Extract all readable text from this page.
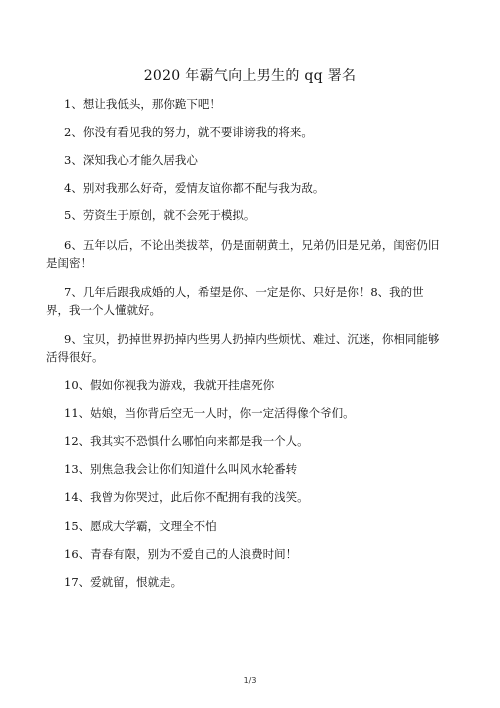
2020 年霸气向上男生的 qq 署名
1、想让我低头，那你跪下吧！
2、你没有看见我的努力，就不要诽谤我的将来。
3、深知我心才能久居我心
4、别对我那么好奇，爱情友谊你都不配与我为敌。
5、劳资生于原创，就不会死于模拟。
6、五年以后，不论出类拔萃，仍是面朝黄土，兄弟仍旧是兄弟，闺密仍旧是闺密！
7、几年后跟我成婚的人，希望是你、一定是你、只好是你！8、我的世界，我一个人懂就好。
9、宝贝，扔掉世界扔掉内些男人扔掉内些烦忧、难过、沉迷，你相同能够活得很好。
10、假如你视我为游戏，我就开挂虐死你
11、姑娘，当你背后空无一人时，你一定活得像个爷们。
12、我其实不恐惧什么哪怕向来都是我一个人。
13、别焦急我会让你们知道什么叫风水轮番转
14、我曾为你哭过，此后你不配拥有我的浅笑。
15、愿成大学霸，文理全不怕
16、青春有限，别为不爱自己的人浪费时间！
17、爱就留，恨就走。
1/3
